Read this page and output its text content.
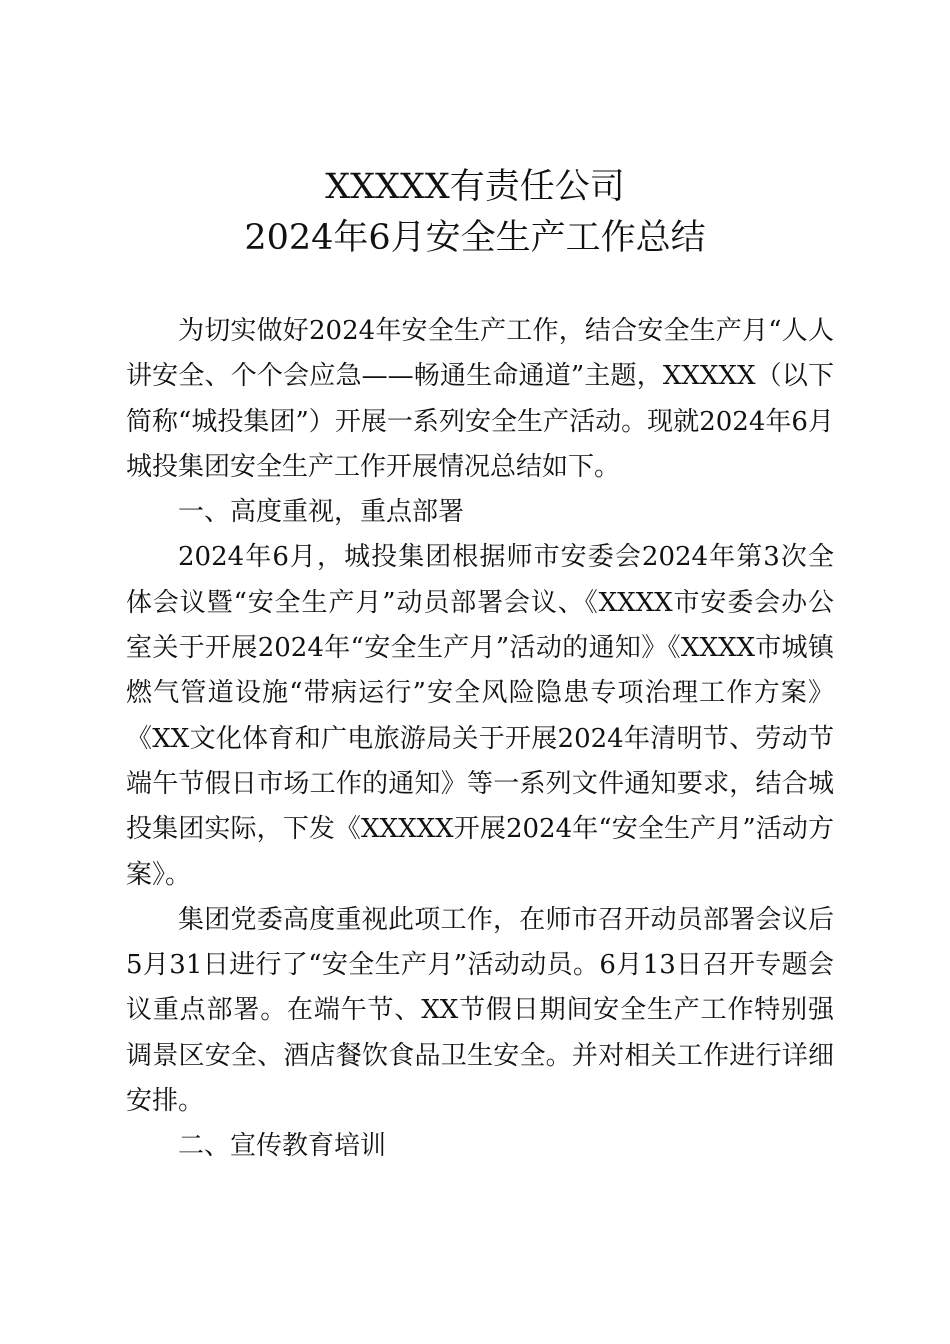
XXXXX有责任公司
2024年6月安全生产工作总结

为切实做好2024年安全生产工作，结合安全生产月“人人讲安全、个个会应急——畅通生命通道”主题，XXXXX（以下简称“城投集团”）开展一系列安全生产活动。现就2024年6月城投集团安全生产工作开展情况总结如下。

一、高度重视，重点部署

2024年6月，城投集团根据师市安委会2024年第3次全体会议暨“安全生产月”动员部署会议、《XXXX市安委会办公室关于开展2024年“安全生产月”活动的通知》《XXXX市城镇燃气管道设施“带病运行”安全风险隐患专项治理工作方案》《XX文化体育和广电旅游局关于开展2024年清明节、劳动节端午节假日市场工作的通知》等一系列文件通知要求，结合城投集团实际，下发《XXXXX开展2024年“安全生产月”活动方案》。

集团党委高度重视此项工作，在师市召开动员部署会议后5月31日进行了“安全生产月”活动动员。6月13日召开专题会议重点部署。在端午节、XX节假日期间安全生产工作特别强调景区安全、酒店餐饮食品卫生安全。并对相关工作进行详细安排。

二、宣传教育培训
